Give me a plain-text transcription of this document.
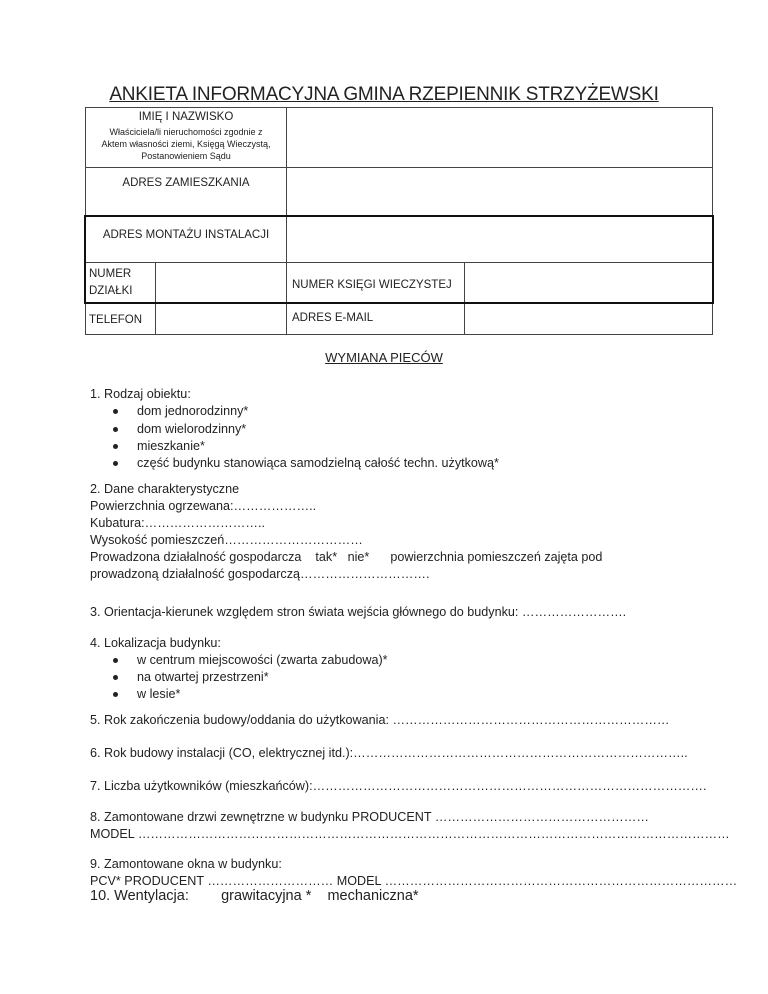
ANKIETA INFORMACYJNA GMINA RZEPIENNIK STRZYŻEWSKI
IMIĘ I NAZWISKO
Właściciela/li nieruchomości zgodnie z
Aktem własności ziemi, Księgą Wieczystą,
Postanowieniem Sądu
ADRES ZAMIESZKANIA
ADRES MONTAŻU INSTALACJI
NUMER
DZIAŁKI	NUMER KSIĘGI WIECZYSTEJ
TELEFON	ADRES E-MAIL
WYMIANA PIECÓW
1. Rodzaj obiektu:
dom jednorodzinny*
dom wielorodzinny*
mieszkanie*
część budynku stanowiąca samodzielną całość techn. użytkową*
2. Dane charakterystyczne
Powierzchnia ogrzewana:………………..
Kubatura:………………………..
Wysokość pomieszczeń……………………………
Prowadzona działalność gospodarcza    tak*   nie*      powierzchnia pomieszczeń zajęta pod
prowadzoną działalność gospodarczą………………………….
3. Orientacja-kierunek względem stron świata wejścia głównego do budynku: …………………….
4. Lokalizacja budynku:
w centrum miejscowości (zwarta zabudowa)*
na otwartej przestrzeni*
w lesie*
5. Rok zakończenia budowy/oddania do użytkowania: …………………………………………………………
6. Rok budowy instalacji (CO, elektrycznej itd.):……………………………………………………………………..
7. Liczba użytkowników (mieszkańców):………………………………………………………………………………….
8. Zamontowane drzwi zewnętrzne w budynku PRODUCENT ……………………………………………
MODEL ……………………………………………………………………………………………………………………………
9. Zamontowane okna w budynku:
PCV* PRODUCENT ………………………… MODEL …………………………………………………………………………
10. Wentylacja:        grawitacyjna *    mechaniczna*
